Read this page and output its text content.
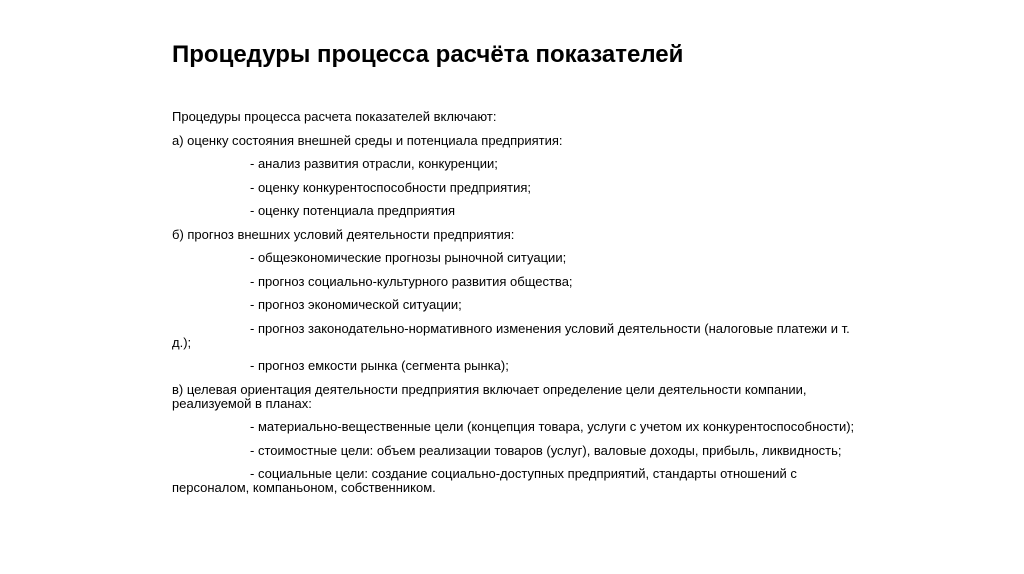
Процедуры процесса расчёта показателей

Процедуры процесса расчета показателей включают:

а) оценку состояния внешней среды и потенциала предприятия:

- анализ развития отрасли, конкуренции;

- оценку конкурентоспособности предприятия;

- оценку потенциала предприятия

б) прогноз внешних условий деятельности предприятия:

- общеэкономические прогнозы рыночной ситуации;

- прогноз социально-культурного развития общества;

- прогноз экономической ситуации;

- прогноз законодательно-нормативного изменения условий деятельности (налоговые платежи и т. д.);

- прогноз емкости рынка (сегмента рынка);

в) целевая ориентация деятельности предприятия включает определение цели деятельности компании, реализуемой в планах:

- материально-вещественные цели (концепция товара, услуги с учетом их конкурентоспособности);

- стоимостные цели: объем реализации товаров (услуг), валовые доходы, прибыль, ликвидность;

- социальные цели: создание социально-доступных предприятий, стандарты отношений с персоналом, компаньоном, собственником.
